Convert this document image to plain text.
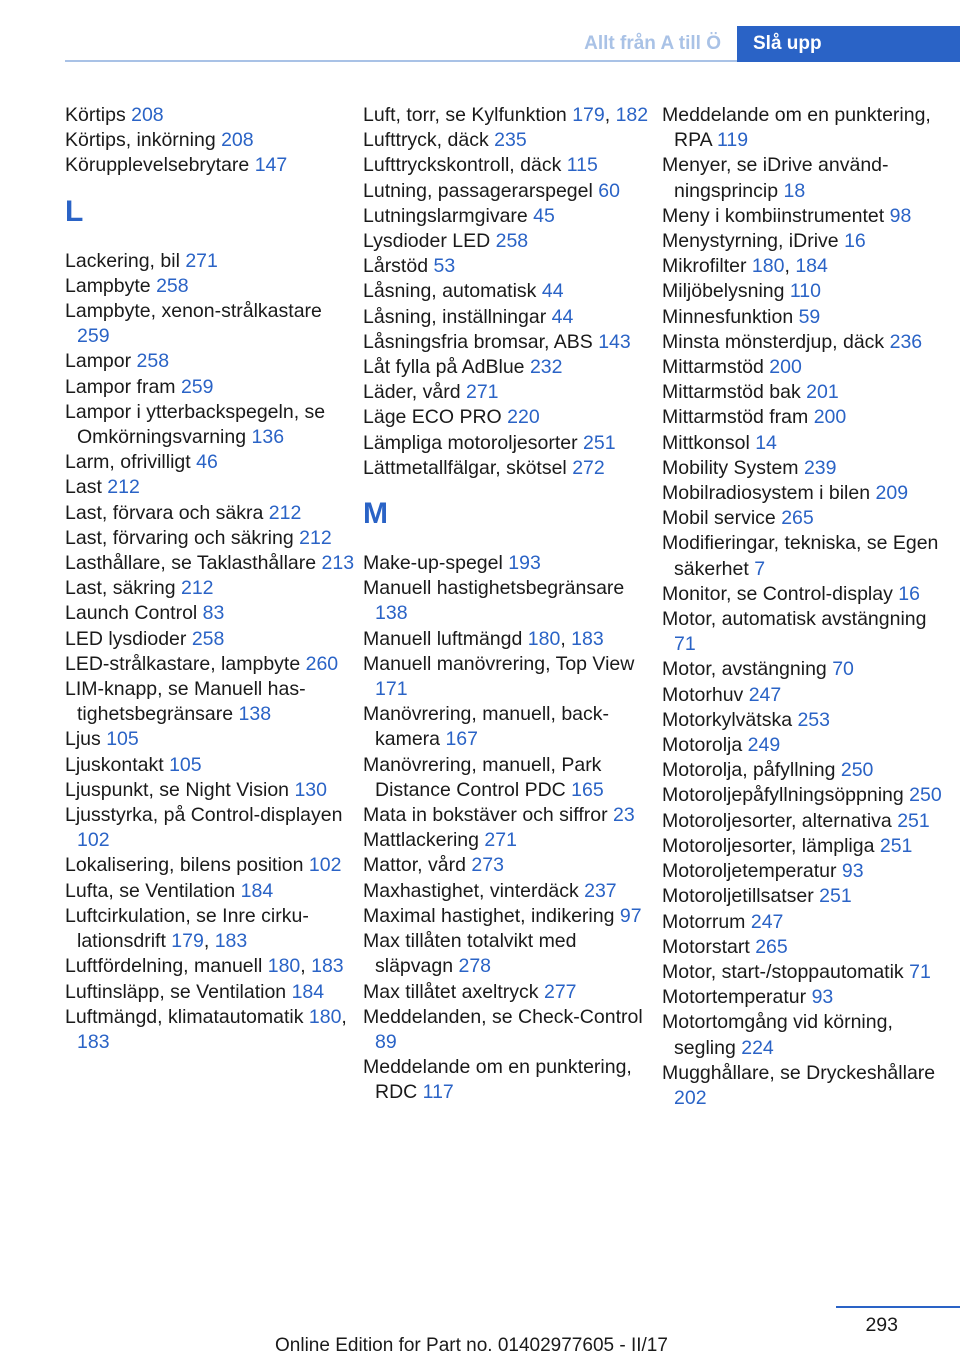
Allt från A till Ö	Slå upp
Körtips 208
Körtips, inkörning 208
Körupplevelsebrytare 147
L
Lackering, bil 271
Lampbyte 258
Lampbyte, xenon-strålkastare 259
Lampor 258
Lampor fram 259
Lampor i ytterbackspegeln, se Omkörningsvarning 136
Larm, ofrivilligt 46
Last 212
Last, förvara och säkra 212
Last, förvaring och säkring 212
Lasthållare, se Taklasthållare 213
Last, säkring 212
Launch Control 83
LED lysdioder 258
LED-strålkastare, lampbyte 260
LIM-knapp, se Manuell hastighetsbegränsare 138
Ljus 105
Ljuskontakt 105
Ljuspunkt, se Night Vision 130
Ljusstyrka, på Control-displayen 102
Lokalisering, bilens position 102
Lufta, se Ventilation 184
Luftcirkulation, se Inre cirkulationsdrift 179, 183
Luftfördelning, manuell 180, 183
Luftinsläpp, se Ventilation 184
Luftmängd, klimatautomatik 180, 183
Luft, torr, se Kylfunktion 179, 182
Lufttryck, däck 235
Lufttryckskontroll, däck 115
Lutning, passagerarspegel 60
Lutningslarmgivare 45
Lysdioder LED 258
Lårstöd 53
Låsning, automatisk 44
Låsning, inställningar 44
Låsningsfria bromsar, ABS 143
Låt fylla på AdBlue 232
Läder, vård 271
Läge ECO PRO 220
Lämpliga motoroljesorter 251
Lättmetallfälgar, skötsel 272
M
Make-up-spegel 193
Manuell hastighetsbegränsare 138
Manuell luftmängd 180, 183
Manuell manövrering, Top View 171
Manövrering, manuell, backkamera 167
Manövrering, manuell, Park Distance Control PDC 165
Mata in bokstäver och siffror 23
Mattlackering 271
Mattor, vård 273
Maxhastighet, vinterdäck 237
Maximal hastighet, indikering 97
Max tillåten totalvikt med släpvagn 278
Max tillåtet axeltryck 277
Meddelanden, se Check-Control 89
Meddelande om en punktering, RDC 117
Meddelande om en punktering, RPA 119
Menyer, se iDrive användningsprincip 18
Meny i kombiinstrumentet 98
Menystyrning, iDrive 16
Mikrofilter 180, 184
Miljöbelysning 110
Minnesfunktion 59
Minsta mönsterdjup, däck 236
Mittarmstöd 200
Mittarmstöd bak 201
Mittarmstöd fram 200
Mittkonsol 14
Mobility System 239
Mobilradiosystem i bilen 209
Mobil service 265
Modifieringar, tekniska, se Egen säkerhet 7
Monitor, se Control-display 16
Motor, automatisk avstängning 71
Motor, avstängning 70
Motorhuv 247
Motorkylvätska 253
Motorolja 249
Motorolja, påfyllning 250
Motoroljepåfyllningsöppning 250
Motoroljesorter, alternativa 251
Motoroljesorter, lämpliga 251
Motoroljetemperatur 93
Motoroljetillsatser 251
Motorrum 247
Motorstart 265
Motor, start-/stoppautomatik 71
Motortemperatur 93
Motortomgång vid körning, segling 224
Mugghållare, se Dryckeshållare 202
293
Online Edition for Part no. 01402977605 - II/17
